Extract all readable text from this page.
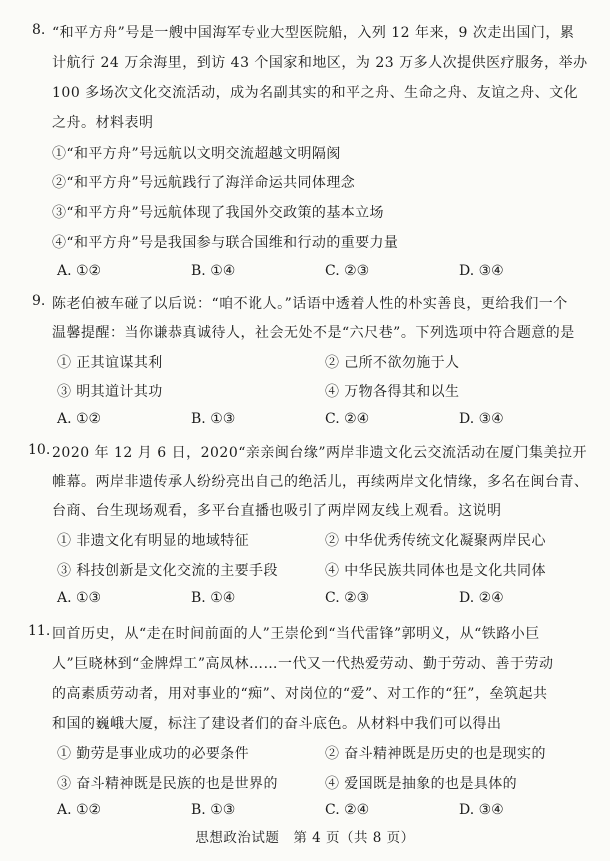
8. “和平方舟”号是一艘中国海军专业大型医院船，入列 12 年来，9 次走出国门，累
计航行 24 万余海里，到访 43 个国家和地区，为 23 万多人次提供医疗服务，举办
100 多场次文化交流活动，成为名副其实的和平之舟、生命之舟、友谊之舟、文化
之舟。材料表明
①“和平方舟”号远航以文明交流超越文明隔阂
②“和平方舟”号远航践行了海洋命运共同体理念
③“和平方舟”号远航体现了我国外交政策的基本立场
④“和平方舟”号是我国参与联合国维和行动的重要力量
A. ①②	B. ①④	C. ②③	D. ③④
9. 陈老伯被车碰了以后说：“咱不讹人。”话语中透着人性的朴实善良，更给我们一个
温馨提醒：当你谦恭真诚待人，社会无处不是“六尺巷”。下列选项中符合题意的是
① 正其谊谋其利	② 己所不欲勿施于人
③ 明其道计其功	④ 万物各得其和以生
A. ①②	B. ①③	C. ②④	D. ③④
10. 2020 年 12 月 6 日，2020“亲亲闽台缘”两岸非遗文化云交流活动在厦门集美拉开
帷幕。两岸非遗传承人纷纷亮出自己的绝活儿，再续两岸文化情缘，多名在闽台青、
台商、台生现场观看，多平台直播也吸引了两岸网友线上观看。这说明
① 非遗文化有明显的地域特征	② 中华优秀传统文化凝聚两岸民心
③ 科技创新是文化交流的主要手段	④ 中华民族共同体也是文化共同体
A. ①③	B. ①④	C. ②③	D. ②④
11. 回首历史，从“走在时间前面的人”王崇伦到“当代雷锋”郭明义，从“铁路小巨
人”巨晓林到“金牌焊工”高凤林……一代又一代热爱劳动、勤于劳动、善于劳动
的高素质劳动者，用对事业的“痴”、对岗位的“爱”、对工作的“狂”，垒筑起共
和国的巍峨大厦，标注了建设者们的奋斗底色。从材料中我们可以得出
① 勤劳是事业成功的必要条件	② 奋斗精神既是历史的也是现实的
③ 奋斗精神既是民族的也是世界的	④ 爱国既是抽象的也是具体的
A. ①②	B. ①③	C. ②④	D. ③④
思想政治试题　第 4 页（共 8 页）
